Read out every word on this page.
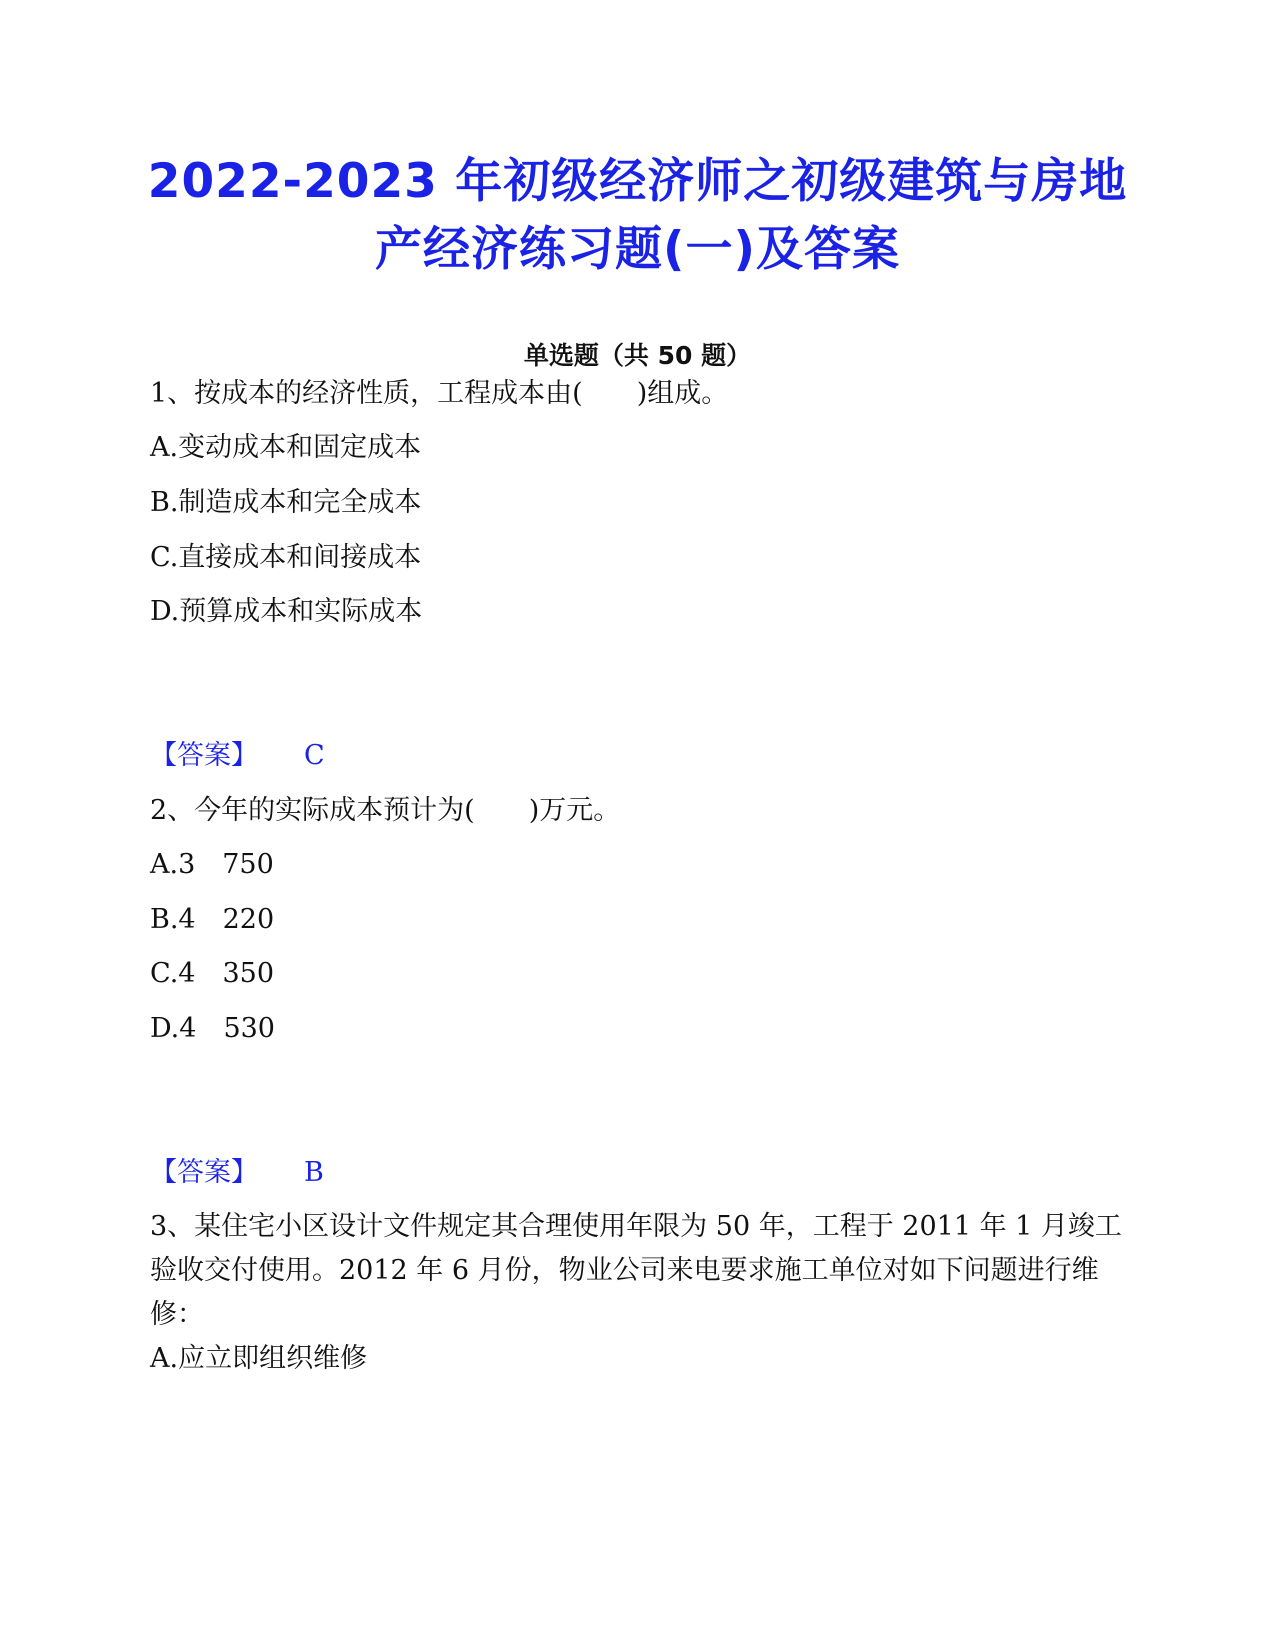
2022-2023 年初级经济师之初级建筑与房地
产经济练习题(一)及答案
单选题（共 50 题）
1、按成本的经济性质，工程成本由(　　)组成。
A.变动成本和固定成本
B.制造成本和完全成本
C.直接成本和间接成本
D.预算成本和实际成本
【答案】 C
2、今年的实际成本预计为(　　)万元。
A.3　750
B.4　220
C.4　350
D.4　530
【答案】 B
3、某住宅小区设计文件规定其合理使用年限为 50 年，工程于 2011 年 1 月竣工验收交付使用。2012 年 6 月份，物业公司来电要求施工单位对如下问题进行维修：
A.应立即组织维修
